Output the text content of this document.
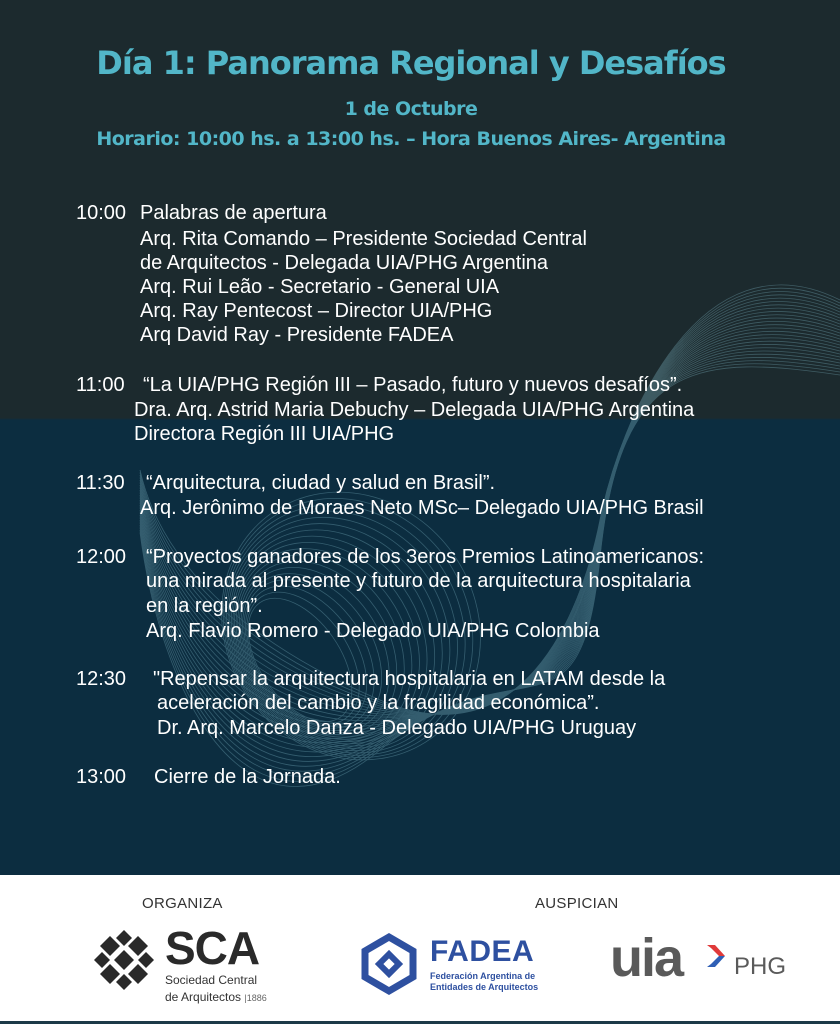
Día 1: Panorama Regional y Desafíos
1 de Octubre
Horario: 10:00 hs. a 13:00 hs. – Hora Buenos Aires- Argentina
10:00 Palabras de apertura
Arq. Rita Comando – Presidente Sociedad Central
de Arquitectos - Delegada UIA/PHG Argentina
Arq. Rui Leão - Secretario - General UIA
Arq. Ray Pentecost – Director UIA/PHG
Arq David Ray - Presidente FADEA
11:00 “La UIA/PHG Región III – Pasado, futuro y nuevos desafíos”.
Dra. Arq. Astrid Maria Debuchy – Delegada UIA/PHG Argentina
Directora Región III UIA/PHG
11:30 “Arquitectura, ciudad y salud en Brasil”.
Arq. Jerônimo de Moraes Neto MSc– Delegado UIA/PHG Brasil
12:00 “Proyectos ganadores de los 3eros Premios Latinoamericanos:
una mirada al presente y futuro de la arquitectura hospitalaria
en la región”.
Arq. Flavio Romero - Delegado UIA/PHG Colombia
12:30 "Repensar la arquitectura hospitalaria en LATAM desde la
aceleración del cambio y la fragilidad económica”.
Dr. Arq. Marcelo Danza - Delegado UIA/PHG Uruguay
13:00 Cierre de la Jornada.
ORGANIZA	AUSPICIAN
SCA
Sociedad Central
de Arquitectos |1886
FADEA
Federación Argentina de
Entidades de Arquitectos uia PHG
